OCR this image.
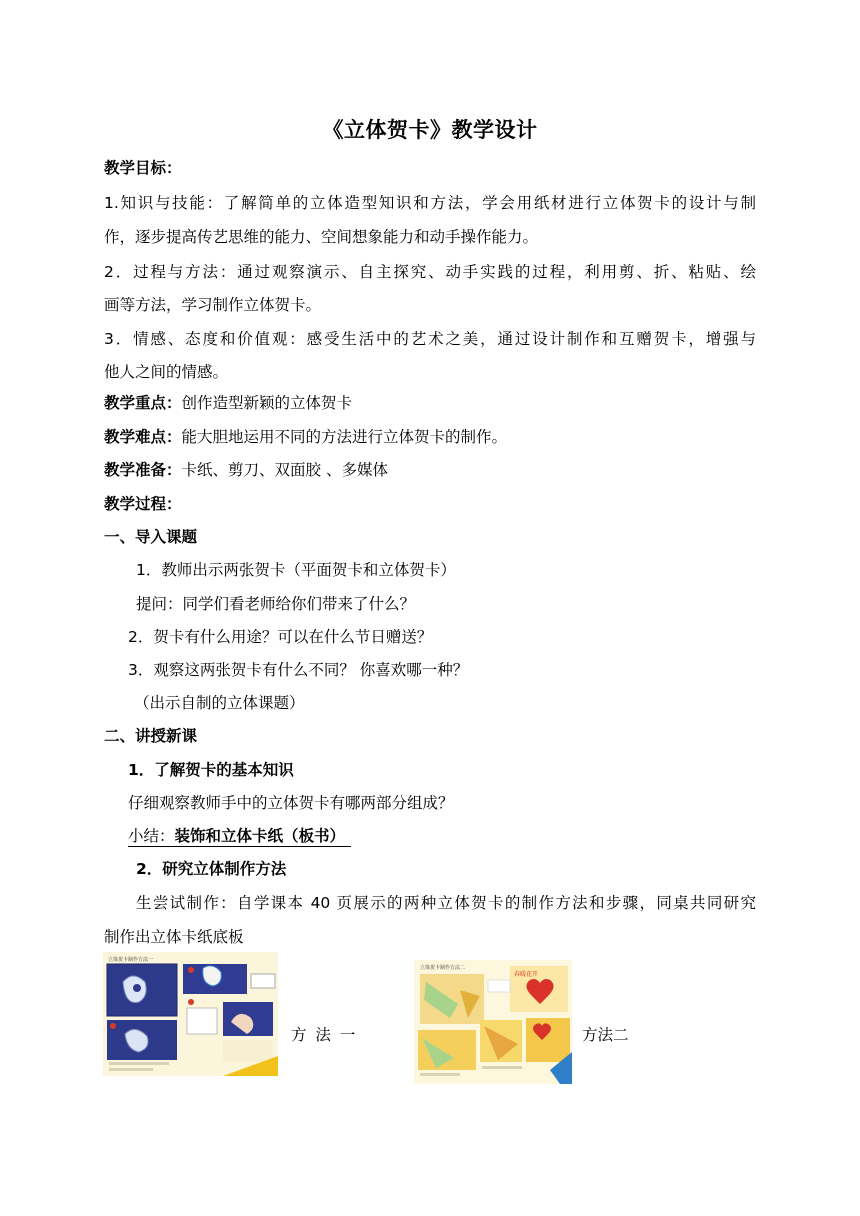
《立体贺卡》教学设计
教学目标：
1.知识与技能：了解简单的立体造型知识和方法，学会用纸材进行立体贺卡的设计与制
作，逐步提高传艺思维的能力、空间想象能力和动手操作能力。
2．过程与方法：通过观察演示、自主探究、动手实践的过程，利用剪、折、粘贴、绘
画等方法，学习制作立体贺卡。
3．情感、态度和价值观：感受生活中的艺术之美，通过设计制作和互赠贺卡，增强与
他人之间的情感。
教学重点：创作造型新颖的立体贺卡
教学难点：能大胆地运用不同的方法进行立体贺卡的制作。
教学准备：卡纸、剪刀、双面胶 、多媒体
教学过程：
一、导入课题
1．教师出示两张贺卡（平面贺卡和立体贺卡）
提问：同学们看老师给你们带来了什么？
2．贺卡有什么用途？可以在什么节日赠送？
3．观察这两张贺卡有什么不同？ 你喜欢哪一种？
（出示自制的立体课题）
二、讲授新课
1．了解贺卡的基本知识
仔细观察教师手中的立体贺卡有哪两部分组成？
小结：装饰和立体卡纸（板书）
2．研究立体制作方法
生尝试制作：自学课本 40 页展示的两种立体贺卡的制作方法和步骤，同桌共同研究
制作出立体卡纸底板
立体贺卡制作方法一
方 法 一
立体贺卡制作方法二
春暖花开
方法二
